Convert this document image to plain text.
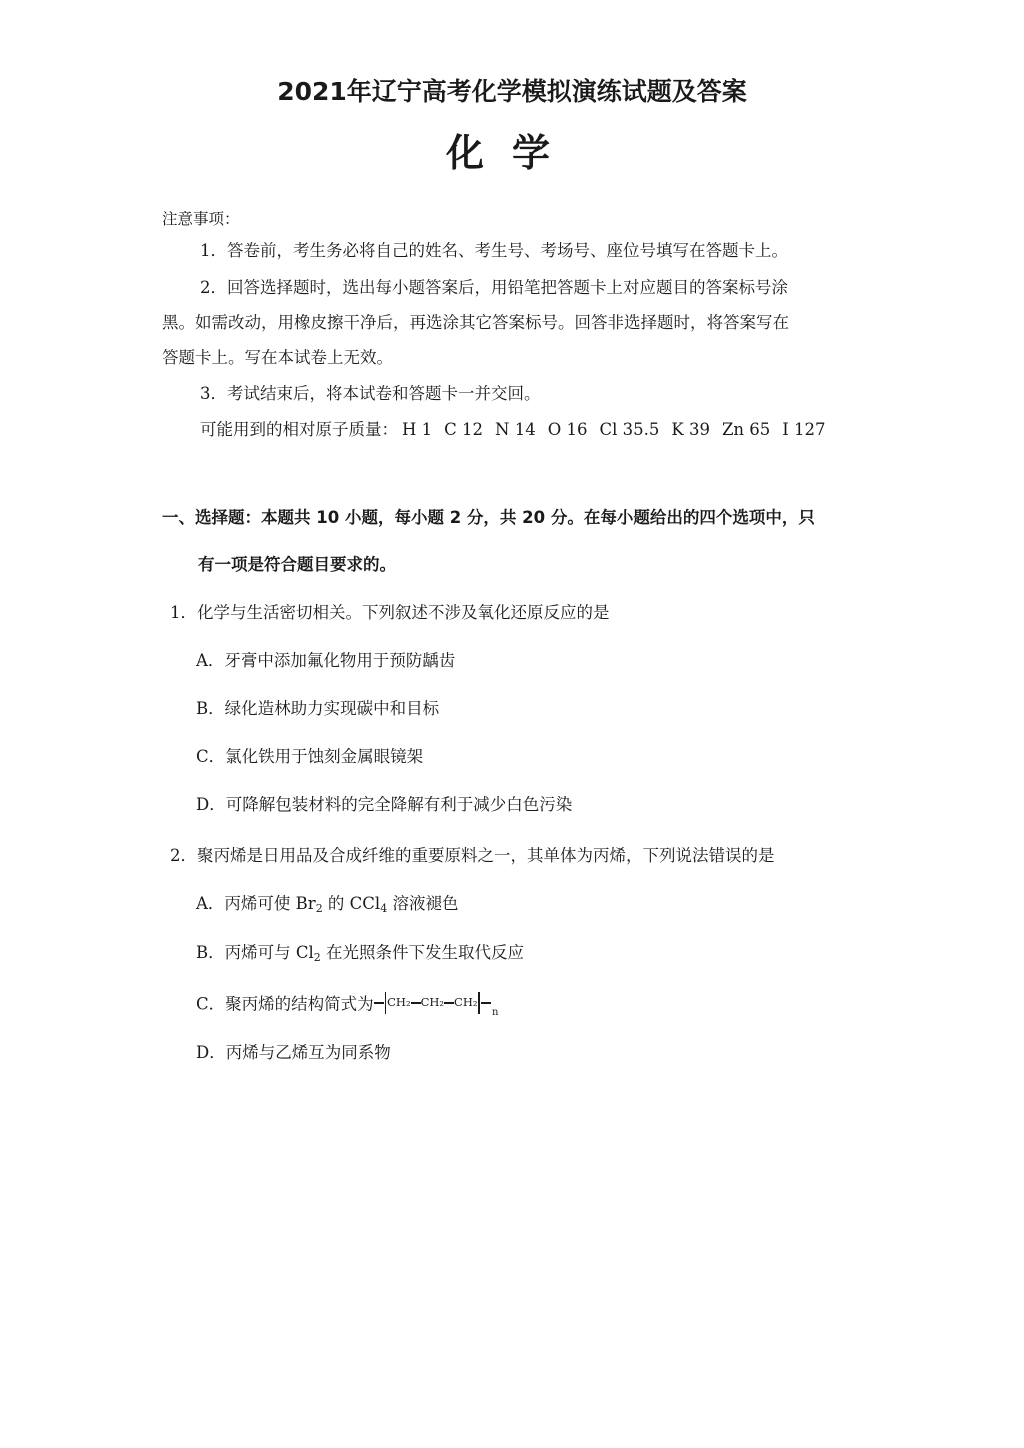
2021年辽宁高考化学模拟演练试题及答案
化学
注意事项：
1．答卷前，考生务必将自己的姓名、考生号、考场号、座位号填写在答题卡上。
2．回答选择题时，选出每小题答案后，用铅笔把答题卡上对应题目的答案标号涂
黑。如需改动，用橡皮擦干净后，再选涂其它答案标号。回答非选择题时，将答案写在
答题卡上。写在本试卷上无效。
3．考试结束后，将本试卷和答题卡一并交回。
可能用到的相对原子质量： H 1 C 12 N 14 O 16 Cl 35.5 K 39 Zn 65 I 127
一、选择题：本题共 10 小题，每小题 2 分，共 20 分。在每小题给出的四个选项中，只
有一项是符合题目要求的。
1．化学与生活密切相关。下列叙述不涉及氧化还原反应的是
A．牙膏中添加氟化物用于预防龋齿
B．绿化造林助力实现碳中和目标
C．氯化铁用于蚀刻金属眼镜架
D．可降解包装材料的完全降解有利于减少白色污染
2．聚丙烯是日用品及合成纤维的重要原料之一，其单体为丙烯，下列说法错误的是
A．丙烯可使 $Br_2$ 的 CCl$_4$ 溶液褪色
B．丙烯可与 $Cl_2$ 在光照条件下发生取代反应
C．聚丙烯的结构简式为 CH₂ CH₂ CH₂
n
D．丙烯与乙烯互为同系物
